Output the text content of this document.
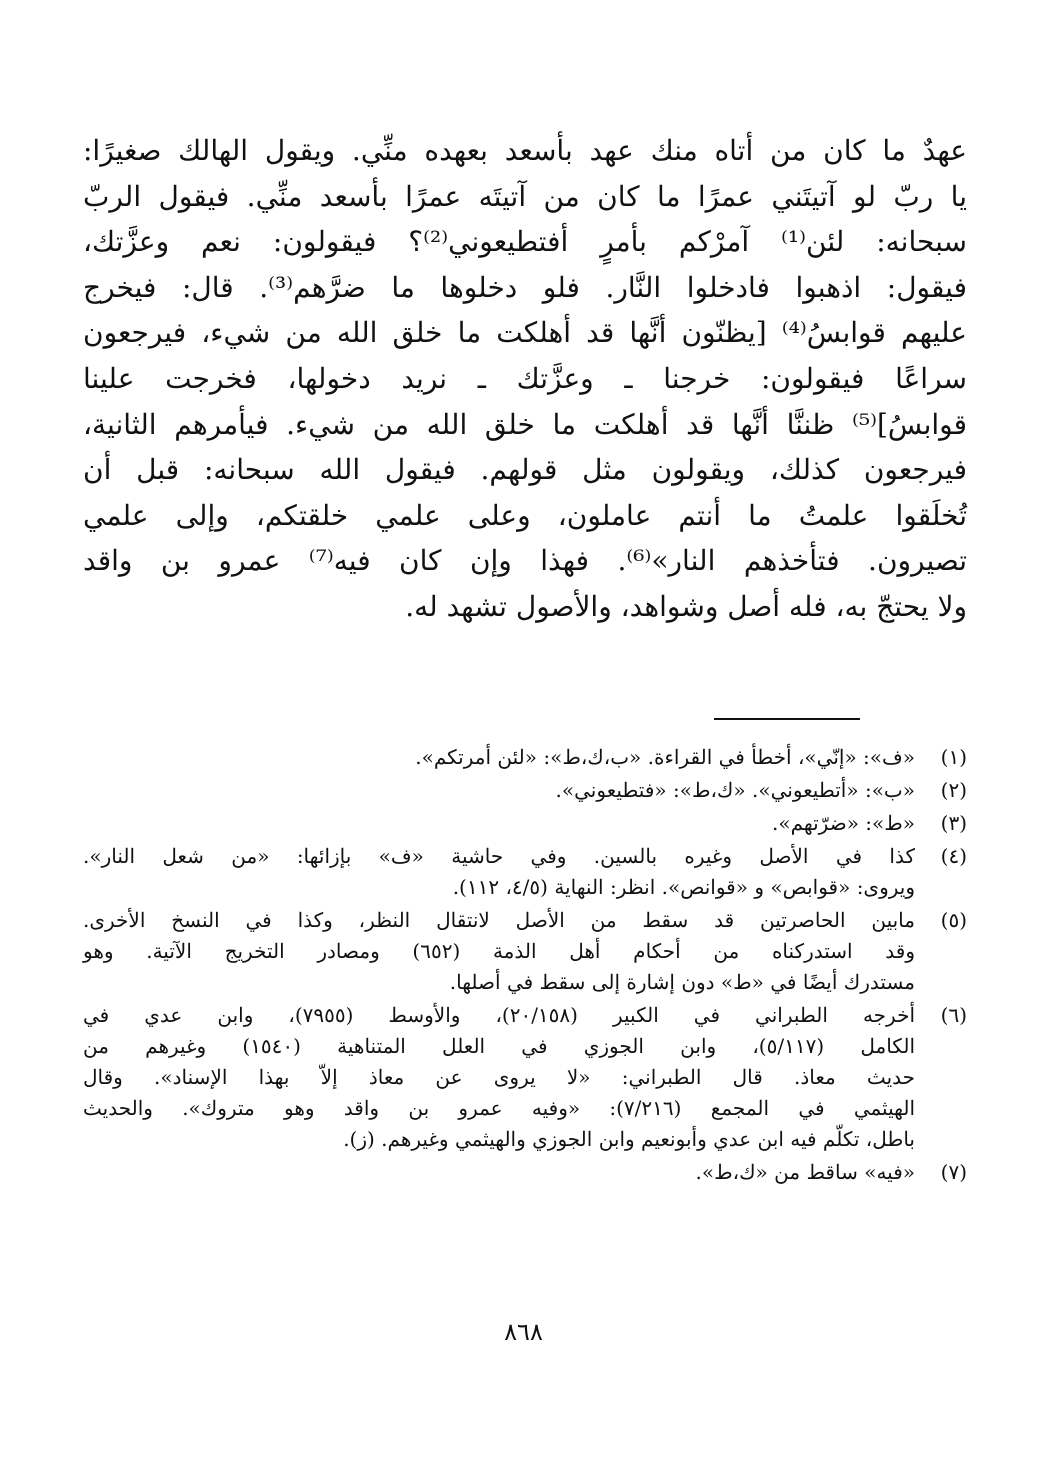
عهدٌ ما كان من أتاه منك عهد بأسعد بعهده منِّي. ويقول الهالك صغيرًا:
يا ربّ لو آتيتَني عمرًا ما كان من آتيتَه عمرًا بأسعد منِّي. فيقول الربّ
سبحانه: لئن⁽¹⁾ آمرْكم بأمرٍ أفتطيعوني⁽²⁾؟ فيقولون: نعم وعزَّتك،
فيقول: اذهبوا فادخلوا النَّار. فلو دخلوها ما ضرَّهم⁽³⁾. قال: فيخرج
عليهم قوابسُ⁽⁴⁾ [يظنّون أنَّها قد أهلكت ما خلق الله من شيء، فيرجعون
سراعًا فيقولون: خرجنا ـ وعزَّتك ـ نريد دخولها، فخرجت علينا
قوابسُ]⁽⁵⁾ ظننَّا أنَّها قد أهلكت ما خلق الله من شيء. فيأمرهم الثانية،
فيرجعون كذلك، ويقولون مثل قولهم. فيقول الله سبحانه: قبل أن
تُخلَقوا علمتُ ما أنتم عاملون، وعلى علمي خلقتكم، وإلى علمي
تصيرون. فتأخذهم النار»⁽⁶⁾. فهذا وإن كان فيه⁽⁷⁾ عمرو بن واقد
ولا يحتجّ به، فله أصل وشواهد، والأصول تشهد له.
(١)
«ف»: «إنّي»، أخطأ في القراءة. «ب،ك،ط»: «لئن أمرتكم».
(٢)
«ب»: «أتطيعوني». «ك،ط»: «فتطيعوني».
(٣)
«ط»: «ضرّتهم».
(٤)
كذا في الأصل وغيره بالسين. وفي حاشية «ف» بإزائها: «من شعل النار».
ويروى: «قوابص» و «قوانص». انظر: النهاية (٤/٥، ١١٢).
(٥)
مابين الحاصرتين قد سقط من الأصل لانتقال النظر، وكذا في النسخ الأخرى.
وقد استدركناه من أحكام أهل الذمة (٦٥٢) ومصادر التخريج الآتية. وهو
مستدرك أيضًا في «ط» دون إشارة إلى سقط في أصلها.
(٦)
أخرجه الطبراني في الكبير (٢٠/١٥٨)، والأوسط (٧٩٥٥)، وابن عدي في
الكامل (٥/١١٧)، وابن الجوزي في العلل المتناهية (١٥٤٠) وغيرهم من
حديث معاذ. قال الطبراني: «لا يروى عن معاذ إلاّ بهذا الإسناد». وقال
الهيثمي في المجمع (٧/٢١٦): «وفيه عمرو بن واقد وهو متروك». والحديث
باطل، تكلّم فيه ابن عدي وأبونعيم وابن الجوزي والهيثمي وغيرهم. (ز).
(٧)
«فيه» ساقط من «ك،ط».
٨٦٨
